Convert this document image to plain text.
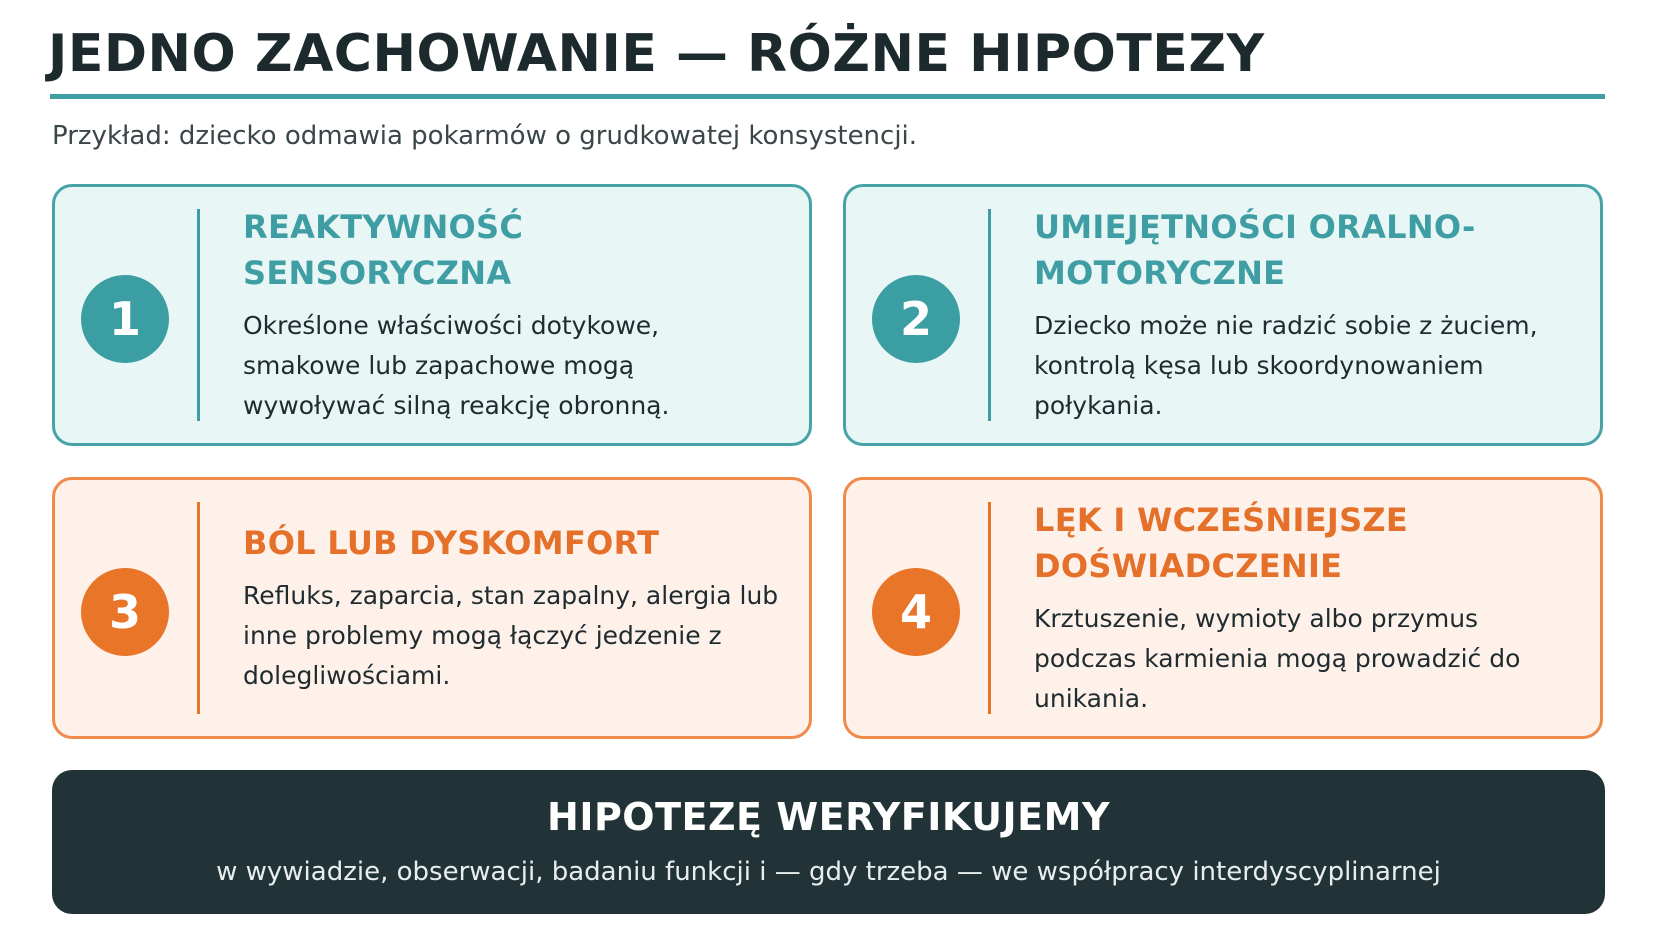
JEDNO ZACHOWANIE — RÓŻNE HIPOTEZY
Przykład: dziecko odmawia pokarmów o grudkowatej konsystencji.
1
REAKTYWNOŚĆ SENSORYCZNA
Określone właściwości dotykowe, smakowe lub zapachowe mogą wywoływać silną reakcję obronną.
2
UMIEJĘTNOŚCI ORALNO-MOTORYCZNE
Dziecko może nie radzić sobie z żuciem, kontrolą kęsa lub skoordynowaniem połykania.
3
BÓL LUB DYSKOMFORT
Refluks, zaparcia, stan zapalny, alergia lub inne problemy mogą łączyć jedzenie z dolegliwościami.
4
LĘK I WCZEŚNIEJSZE DOŚWIADCZENIE
Krztuszenie, wymioty albo przymus podczas karmienia mogą prowadzić do unikania.
HIPOTEZĘ WERYFIKUJEMY
w wywiadzie, obserwacji, badaniu funkcji i — gdy trzeba — we współpracy interdyscyplinarnej
